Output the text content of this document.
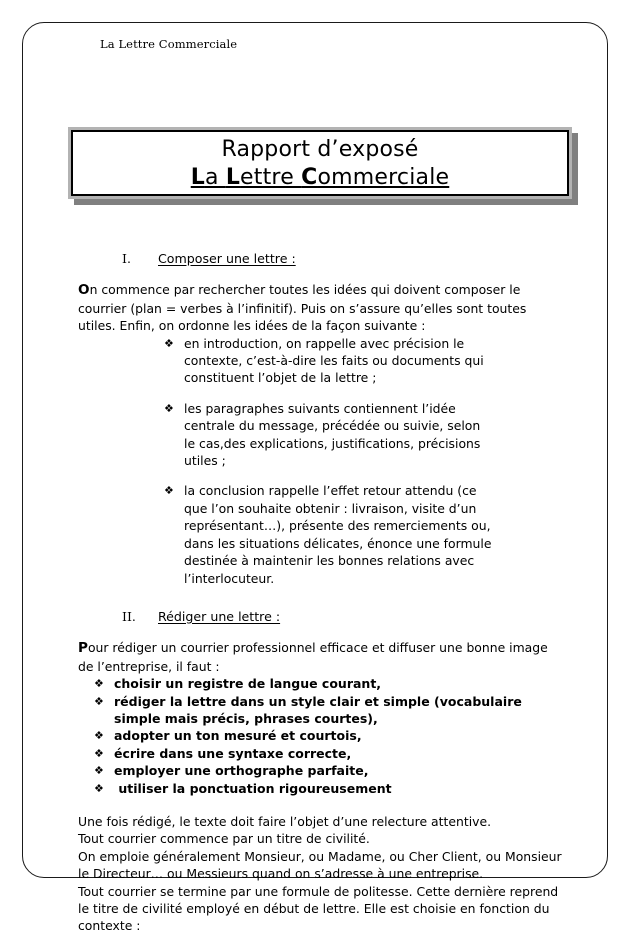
La Lettre Commerciale
Rapport d’exposé
La Lettre Commerciale
I.	Composer une lettre :

On commence par rechercher toutes les idées qui doivent composer le courrier (plan = verbes à l’infinitif). Puis on s’assure qu’elles sont toutes utiles. Enfin, on ordonne les idées de la façon suivante :

❖ en introduction, on rappelle avec précision le contexte, c’est-à-dire les faits ou documents qui constituent l’objet de la lettre ;
❖ les paragraphes suivants contiennent l’idée centrale du message, précédée ou suivie, selon le cas,des explications, justifications, précisions utiles ;
❖ la conclusion rappelle l’effet retour attendu (ce que l’on souhaite obtenir : livraison, visite d’un représentant…), présente des remerciements ou, dans les situations délicates, énonce une formule destinée à maintenir les bonnes relations avec l’interlocuteur.
II.	Rédiger une lettre :

Pour rédiger un courrier professionnel efficace et diffuser une bonne image de l’entreprise, il faut :

❖ choisir un registre de langue courant,
❖ rédiger la lettre dans un style clair et simple (vocabulaire simple mais précis, phrases courtes),
❖ adopter un ton mesuré et courtois,
❖ écrire dans une syntaxe correcte,
❖ employer une orthographe parfaite,
❖ utiliser la ponctuation rigoureusement

Une fois rédigé, le texte doit faire l’objet d’une relecture attentive.

Tout courrier commence par un titre de civilité.

On emploie généralement Monsieur, ou Madame, ou Cher Client, ou Monsieur le Directeur… ou Messieurs quand on s’adresse à une entreprise.

Tout courrier se termine par une formule de politesse. Cette dernière reprend le titre de civilité employé en début de lettre. Elle est choisie en fonction du contexte :
